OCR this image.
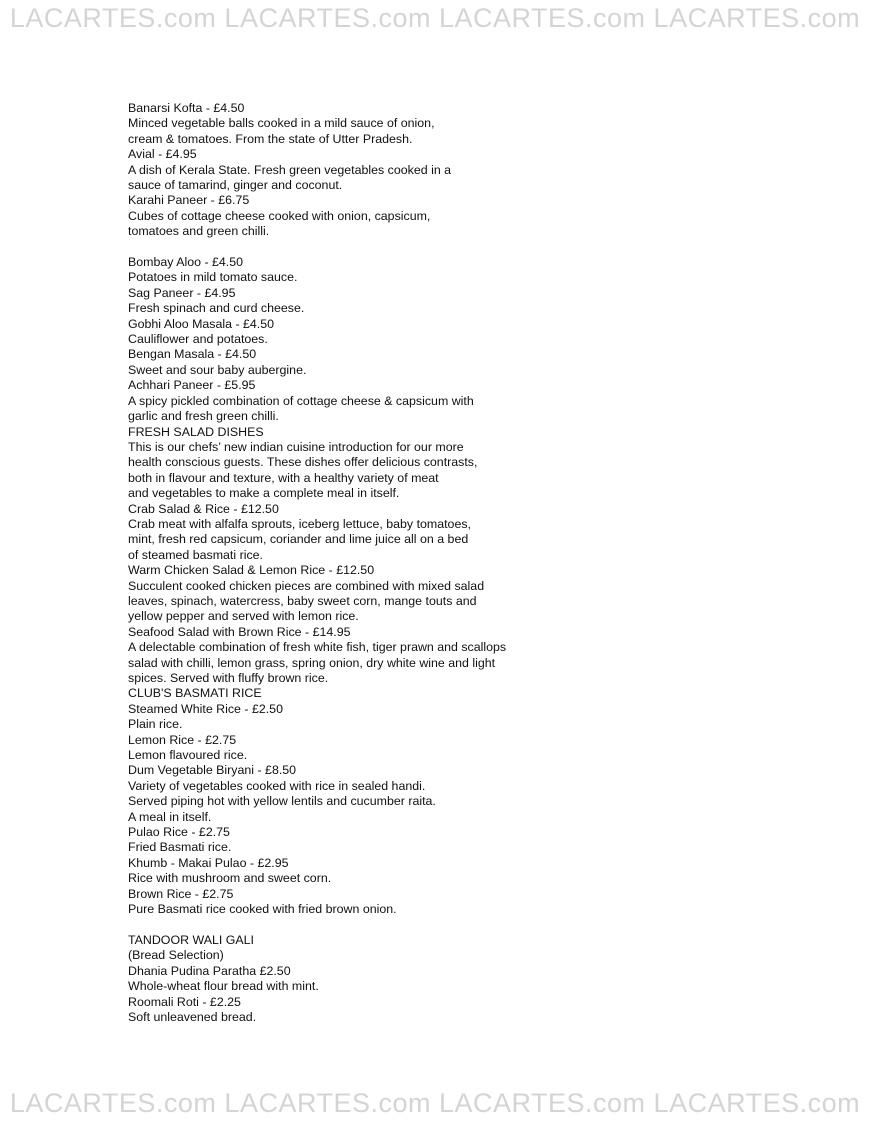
LACARTES.com LACARTES.com LACARTES.com LACARTES.com

Banarsi Kofta - £4.50

Minced vegetable balls cooked in a mild sauce of onion,

cream & tomatoes. From the state of Utter Pradesh.

Avial - £4.95

A dish of Kerala State. Fresh green vegetables cooked in a

sauce of tamarind, ginger and coconut.

Karahi Paneer - £6.75

Cubes of cottage cheese cooked with onion, capsicum,

tomatoes and green chilli.

Bombay Aloo - £4.50

Potatoes in mild tomato sauce.

Sag Paneer - £4.95

Fresh spinach and curd cheese.

Gobhi Aloo Masala - £4.50

Cauliflower and potatoes.

Bengan Masala - £4.50

Sweet and sour baby aubergine.

Achhari Paneer - £5.95

A spicy pickled combination of cottage cheese & capsicum with

garlic and fresh green chilli.

FRESH SALAD DISHES

This is our chefs’ new indian cuisine introduction for our more

health conscious guests. These dishes offer delicious contrasts,

both in flavour and texture, with a healthy variety of meat

and vegetables to make a complete meal in itself.

Crab Salad & Rice - £12.50

Crab meat with alfalfa sprouts, iceberg lettuce, baby tomatoes,

mint, fresh red capsicum, coriander and lime juice all on a bed

of steamed basmati rice.

Warm Chicken Salad & Lemon Rice - £12.50

Succulent cooked chicken pieces are combined with mixed salad

leaves, spinach, watercress, baby sweet corn, mange touts and

yellow pepper and served with lemon rice.

Seafood Salad with Brown Rice - £14.95

A delectable combination of fresh white fish, tiger prawn and scallops

salad with chilli, lemon grass, spring onion, dry white wine and light

spices. Served with fluffy brown rice.

CLUB'S BASMATI RICE

Steamed White Rice - £2.50

Plain rice.

Lemon Rice - £2.75

Lemon flavoured rice.

Dum Vegetable Biryani - £8.50

Variety of vegetables cooked with rice in sealed handi.

Served piping hot with yellow lentils and cucumber raita.

A meal in itself.

Pulao Rice - £2.75

Fried Basmati rice.

Khumb - Makai Pulao - £2.95

Rice with mushroom and sweet corn.

Brown Rice - £2.75

Pure Basmati rice cooked with fried brown onion.

TANDOOR WALI GALI

(Bread Selection)

Dhania Pudina Paratha £2.50

Whole-wheat flour bread with mint.

Roomali Roti - £2.25

Soft unleavened bread.

LACARTES.com LACARTES.com LACARTES.com LACARTES.com
